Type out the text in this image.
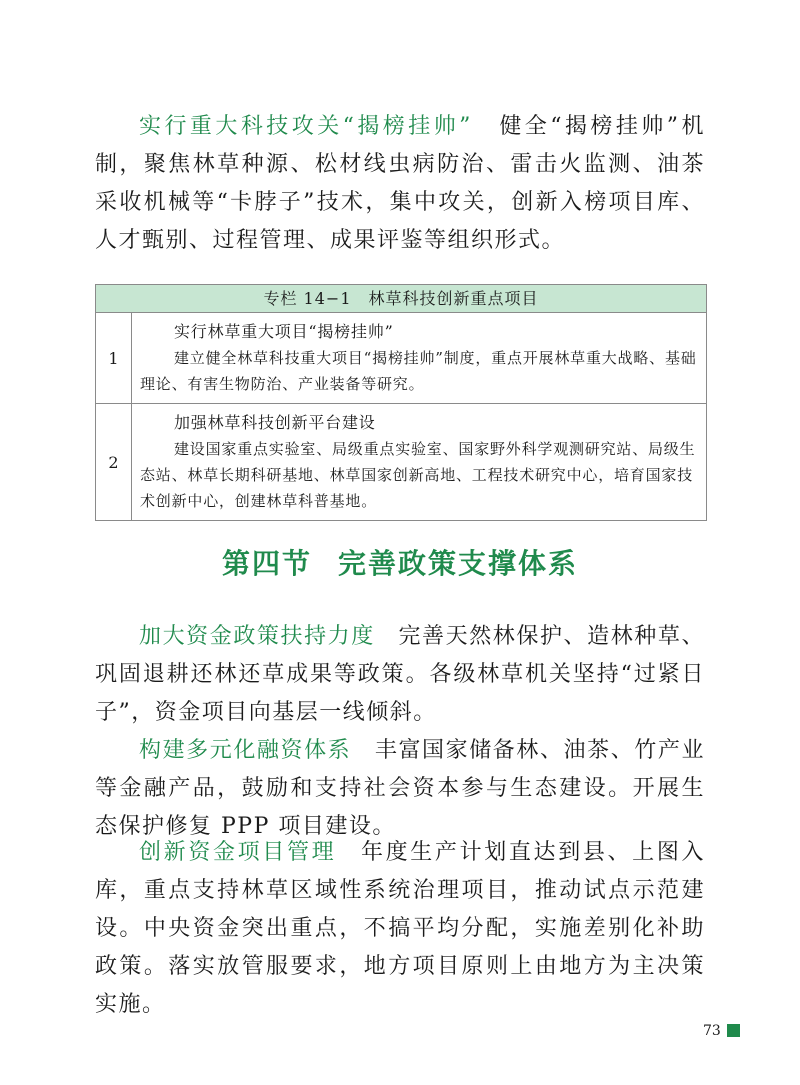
实行重大科技攻关“揭榜挂帅”　 健全“揭榜挂帅”机制，聚焦林草种源、松材线虫病防治、雷击火监测、油茶采收机械等“卡脖子”技术，集中攻关，创新入榜项目库、人才甄别、过程管理、成果评鉴等组织形式。
专栏 14−1　林草科技创新重点项目
1
实行林草重大项目“揭榜挂帅”
建立健全林草科技重大项目“揭榜挂帅”制度，重点开展林草重大战略、基础理论、有害生物防治、产业装备等研究。
2
加强林草科技创新平台建设
建设国家重点实验室、局级重点实验室、国家野外科学观测研究站、局级生态站、林草长期科研基地、林草国家创新高地、工程技术研究中心，培育国家技术创新中心，创建林草科普基地。
第四节 完善政策支撑体系
加大资金政策扶持力度　 完善天然林保护、造林种草、巩固退耕还林还草成果等政策。各级林草机关坚持“过紧日子”，资金项目向基层一线倾斜。
构建多元化融资体系　 丰富国家储备林、油茶、竹产业等金融产品，鼓励和支持社会资本参与生态建设。开展生态保护修复 PPP 项目建设。
创新资金项目管理　 年度生产计划直达到县、上图入库，重点支持林草区域性系统治理项目，推动试点示范建设。中央资金突出重点，不搞平均分配，实施差别化补助政策。落实放管服要求，地方项目原则上由地方为主决策实施。
73
